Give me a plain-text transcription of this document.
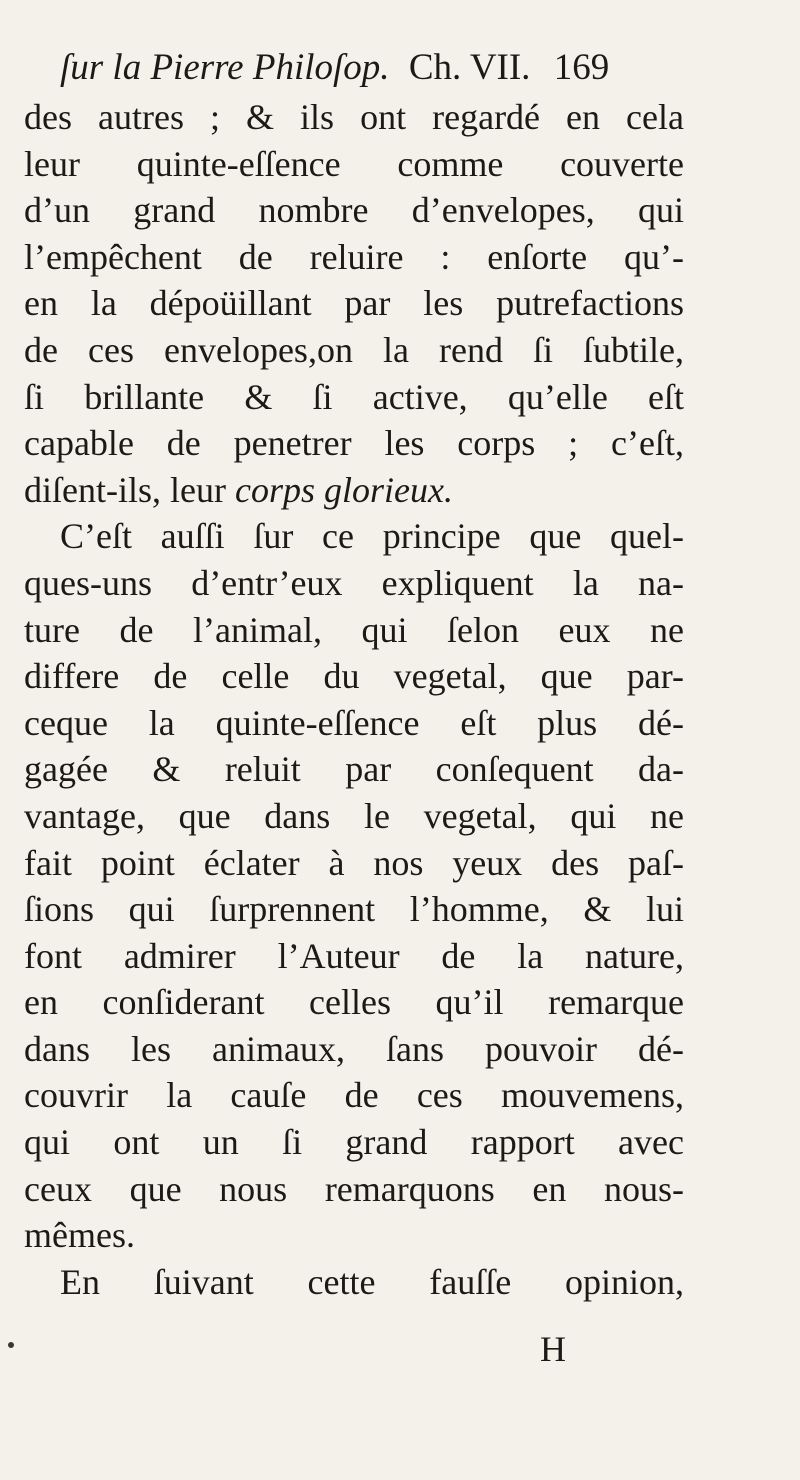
ſur la Pierre Philoſop. Ch. VII. 169
des autres ; & ils ont regardé en cela
leur quinte-eſſence comme couverte
d’un grand nombre d’envelopes, qui
l’empêchent de reluire : enſorte qu’-
en la dépoüillant par les putrefactions
de ces envelopes,on la rend ſi ſubtile,
ſi brillante & ſi active, qu’elle eſt
capable de penetrer les corps ; c’eſt,
diſent-ils, leur corps glorieux.
C’eſt auſſi ſur ce principe que quel-
ques-uns d’entr’eux expliquent la na-
ture de l’animal, qui ſelon eux ne
differe de celle du vegetal, que par-
ceque la quinte-eſſence eſt plus dé-
gagée & reluit par conſequent da-
vantage, que dans le vegetal, qui ne
fait point éclater à nos yeux des paſ-
ſions qui ſurprennent l’homme, & lui
font admirer l’Auteur de la nature,
en conſiderant celles qu’il remarque
dans les animaux, ſans pouvoir dé-
couvrir la cauſe de ces mouvemens,
qui ont un ſi grand rapport avec
ceux que nous remarquons en nous-
mêmes.
En ſuivant cette fauſſe opinion,
H
